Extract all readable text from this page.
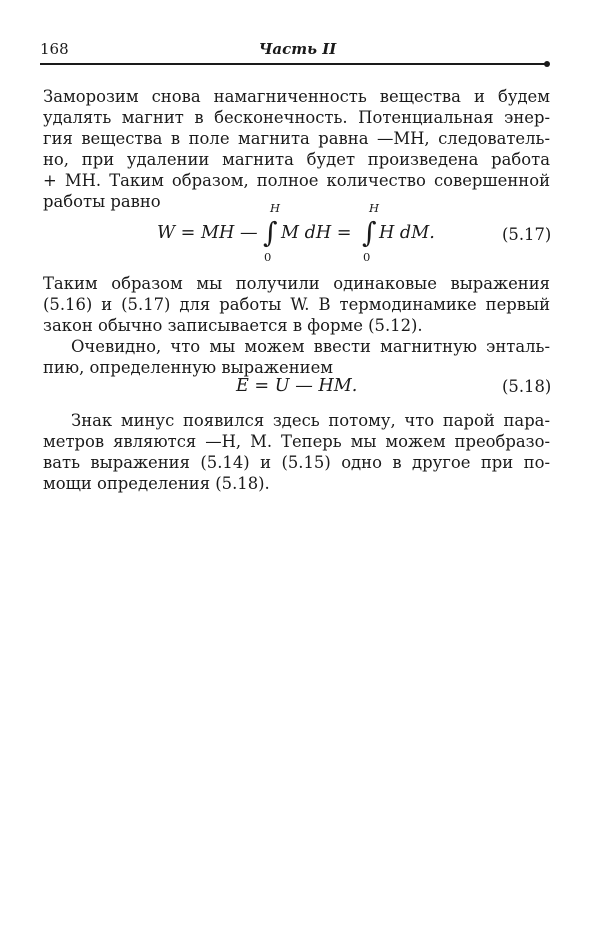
168	Часть II
Заморозим снова намагниченность вещества и будем
удалять магнит в бесконечность. Потенциальная энер-
гия вещества в поле магнита равна —MH, следователь-
но, при удалении магнита будет произведена работа
+ MH. Таким образом, полное количество совершенной
работы равно
∫
H
0
∫
H
0
W = MH — M dH = H dM.	(5.17)
Таким образом мы получили одинаковые выражения
(5.16) и (5.17) для работы W. В термодинамике первый
закон обычно записывается в форме (5.12).
Очевидно, что мы можем ввести магнитную энталь-
пию, определенную выражением
E = U — HM.	(5.18)
Знак минус появился здесь потому, что парой пара-
метров являются —H, M. Теперь мы можем преобразо-
вать выражения (5.14) и (5.15) одно в другое при по-
мощи определения (5.18).
